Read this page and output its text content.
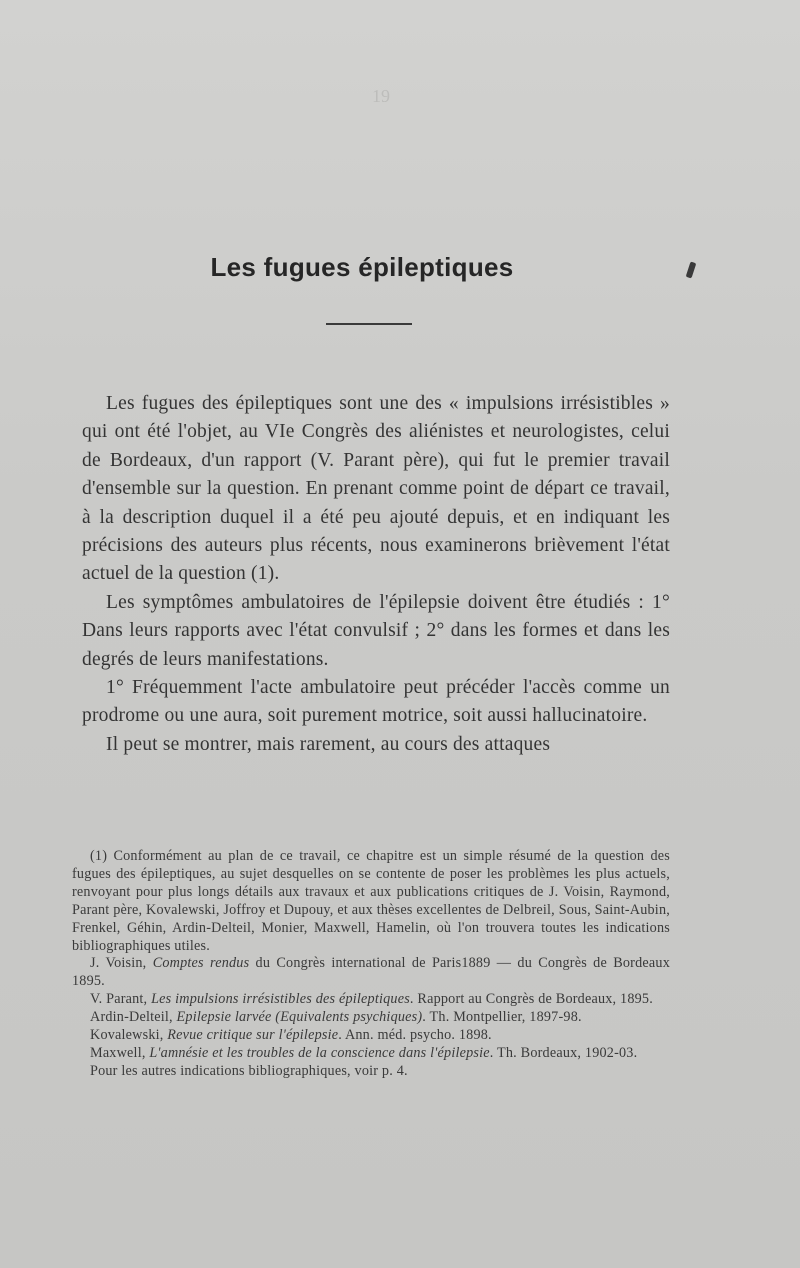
19
Les fugues épileptiques

Les fugues des épileptiques sont une des « impulsions irrésistibles » qui ont été l'objet, au VIe Congrès des aliénistes et neurologistes, celui de Bordeaux, d'un rapport (V. Parant père), qui fut le premier travail d'ensemble sur la question. En prenant comme point de départ ce travail, à la description duquel il a été peu ajouté depuis, et en indiquant les précisions des auteurs plus récents, nous examinerons brièvement l'état actuel de la question (1).

Les symptômes ambulatoires de l'épilepsie doivent être étudiés : 1° Dans leurs rapports avec l'état convulsif ; 2° dans les formes et dans les degrés de leurs manifestations.

1° Fréquemment l'acte ambulatoire peut précéder l'accès comme un prodrome ou une aura, soit purement motrice, soit aussi hallucinatoire.

Il peut se montrer, mais rarement, au cours des attaques

(1) Conformément au plan de ce travail, ce chapitre est un simple résumé de la question des fugues des épileptiques, au sujet desquelles on se contente de poser les problèmes les plus actuels, renvoyant pour plus longs détails aux travaux et aux publications critiques de J. Voisin, Raymond, Parant père, Kovalewski, Joffroy et Dupouy, et aux thèses excellentes de Delbreil, Sous, Saint-Aubin, Frenkel, Géhin, Ardin-Delteil, Monier, Maxwell, Hamelin, où l'on trouvera toutes les indications bibliographiques utiles.

J. Voisin, Comptes rendus du Congrès international de Paris1889 — du Congrès de Bordeaux 1895.

V. Parant, Les impulsions irrésistibles des épileptiques. Rapport au Congrès de Bordeaux, 1895.

Ardin-Delteil, Epilepsie larvée (Equivalents psychiques). Th. Montpellier, 1897-98.

Kovalewski, Revue critique sur l'épilepsie. Ann. méd. psycho. 1898.

Maxwell, L'amnésie et les troubles de la conscience dans l'épilepsie. Th. Bordeaux, 1902-03.

Pour les autres indications bibliographiques, voir p. 4.
